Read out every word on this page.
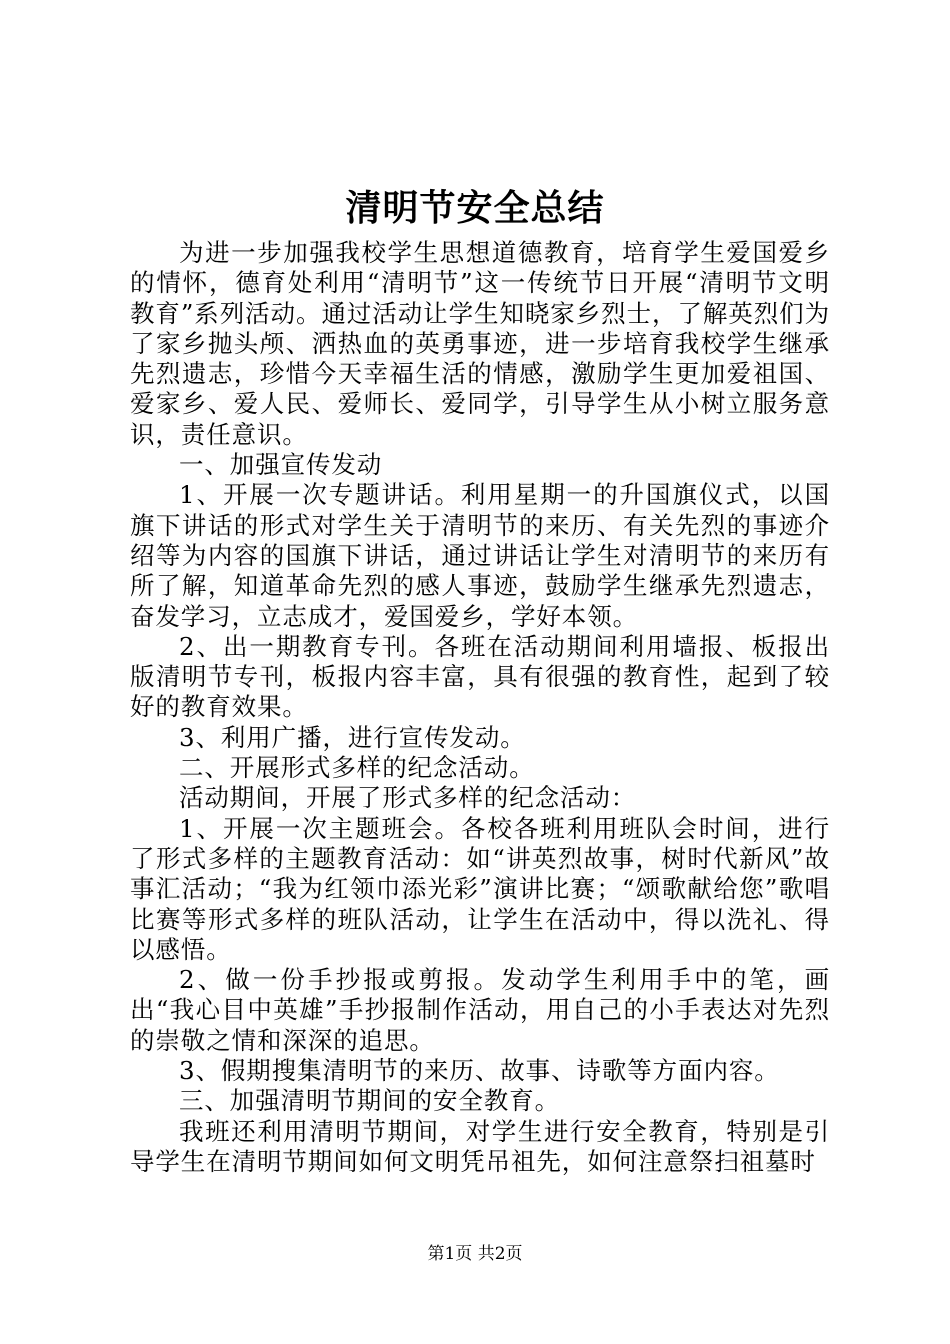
清明节安全总结

为进一步加强我校学生思想道德教育，培育学生爱国爱乡的情怀，德育处利用“清明节”这一传统节日开展“清明节文明教育”系列活动。通过活动让学生知晓家乡烈士，了解英烈们为了家乡抛头颅、洒热血的英勇事迹，进一步培育我校学生继承先烈遗志，珍惜今天幸福生活的情感，激励学生更加爱祖国、爱家乡、爱人民、爱师长、爱同学，引导学生从小树立服务意识，责任意识。

一、加强宣传发动

1、开展一次专题讲话。利用星期一的升国旗仪式，以国旗下讲话的形式对学生关于清明节的来历、有关先烈的事迹介绍等为内容的国旗下讲话，通过讲话让学生对清明节的来历有所了解，知道革命先烈的感人事迹，鼓励学生继承先烈遗志，奋发学习，立志成才，爱国爱乡，学好本领。

2、出一期教育专刊。各班在活动期间利用墙报、板报出版清明节专刊，板报内容丰富，具有很强的教育性，起到了较好的教育效果。

3、利用广播，进行宣传发动。

二、开展形式多样的纪念活动。

活动期间，开展了形式多样的纪念活动：

1、开展一次主题班会。各校各班利用班队会时间，进行了形式多样的主题教育活动：如“讲英烈故事，树时代新风”故事汇活动；“我为红领巾添光彩”演讲比赛；“颂歌献给您”歌唱比赛等形式多样的班队活动，让学生在活动中，得以洗礼、得以感悟。

2、做一份手抄报或剪报。发动学生利用手中的笔，画出“我心目中英雄”手抄报制作活动，用自己的小手表达对先烈的崇敬之情和深深的追思。

3、假期搜集清明节的来历、故事、诗歌等方面内容。

三、加强清明节期间的安全教育。

我班还利用清明节期间，对学生进行安全教育，特别是引导学生在清明节期间如何文明凭吊祖先，如何注意祭扫祖墓时

第1页 共2页
